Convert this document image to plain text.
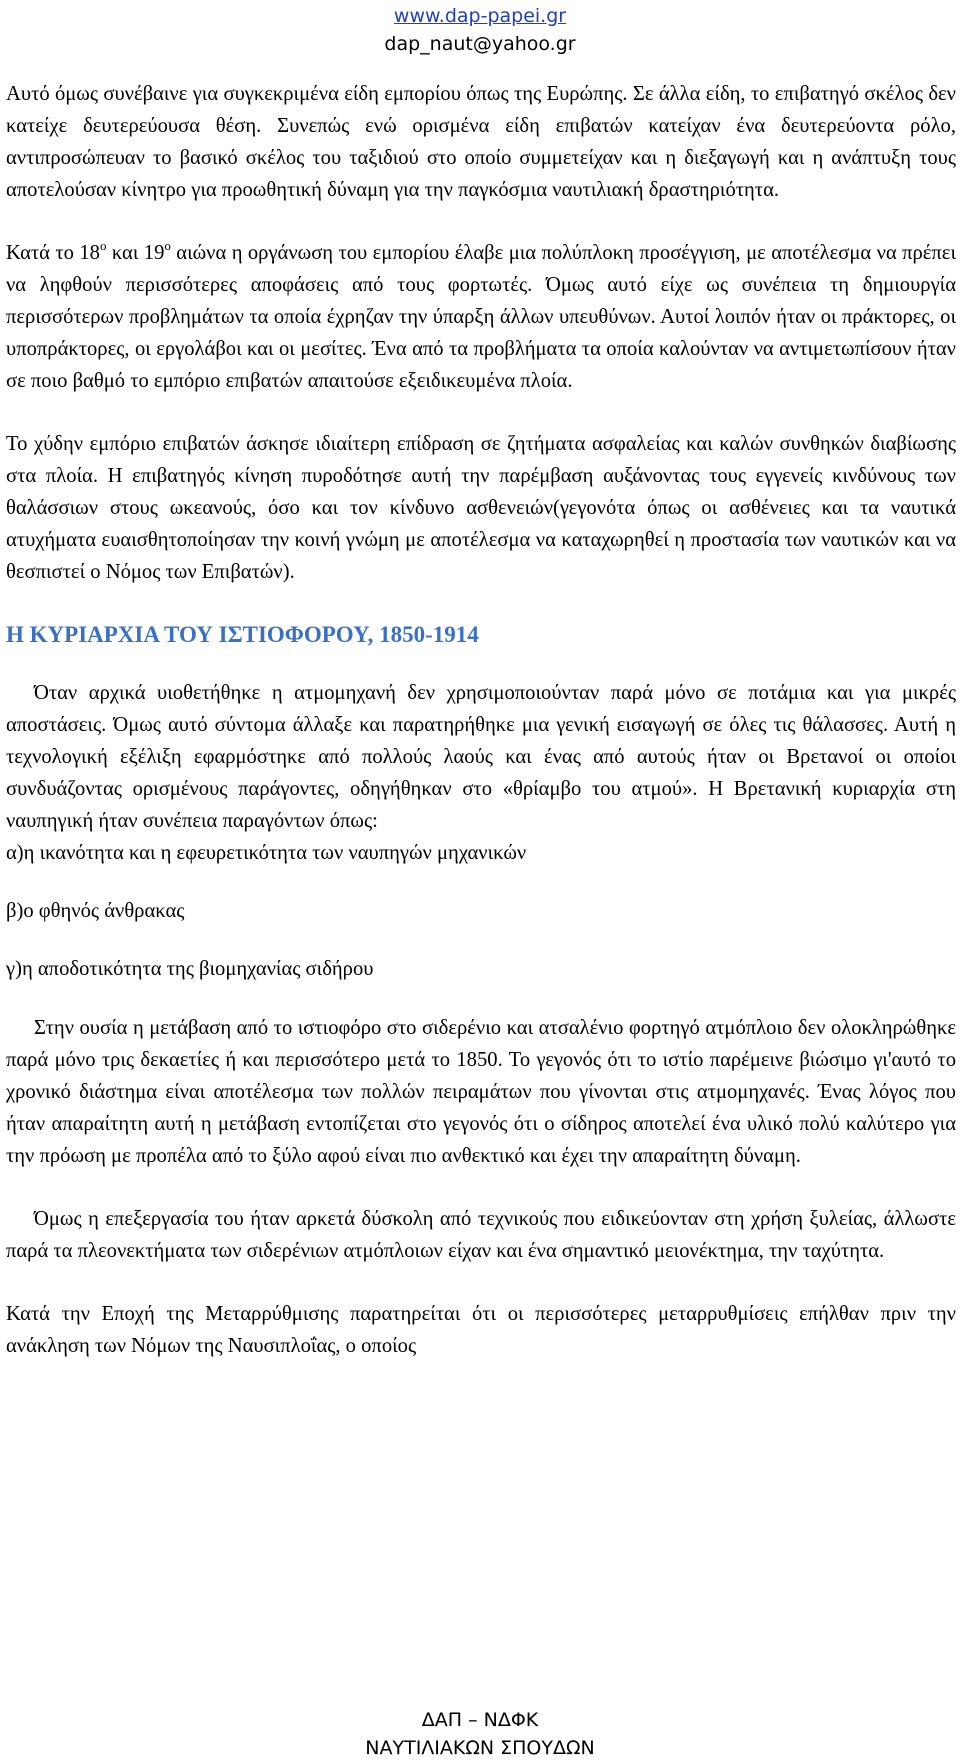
www.dap-papei.gr
dap_naut@yahoo.gr

Αυτό όμως συνέβαινε για συγκεκριμένα είδη εμπορίου όπως της Ευρώπης. Σε άλλα είδη, το επιβατηγό σκέλος δεν κατείχε δευτερεύουσα θέση. Συνεπώς ενώ ορισμένα είδη επιβατών κατείχαν ένα δευτερεύοντα ρόλο, αντιπροσώπευαν το βασικό σκέλος του ταξιδιού στο οποίο συμμετείχαν και η διεξαγωγή και η ανάπτυξη τους αποτελούσαν κίνητρο για προωθητική δύναμη για την παγκόσμια ναυτιλιακή δραστηριότητα.

Κατά το $18^o$ και $19^o$ αιώνα η οργάνωση του εμπορίου έλαβε μια πολύπλοκη προσέγγιση, με αποτέλεσμα να πρέπει να ληφθούν περισσότερες αποφάσεις από τους φορτωτές. Όμως αυτό είχε ως συνέπεια τη δημιουργία περισσότερων προβλημάτων τα οποία έχρηζαν την ύπαρξη άλλων υπευθύνων. Αυτοί λοιπόν ήταν οι πράκτορες, οι υποπράκτορες, οι εργολάβοι και οι μεσίτες. Ένα από τα προβλήματα τα οποία καλούνταν να αντιμετωπίσουν ήταν σε ποιο βαθμό το εμπόριο επιβατών απαιτούσε εξειδικευμένα πλοία.

Το χύδην εμπόριο επιβατών άσκησε ιδιαίτερη επίδραση σε ζητήματα ασφαλείας και καλών συνθηκών διαβίωσης στα πλοία. Η επιβατηγός κίνηση πυροδότησε αυτή την παρέμβαση αυξάνοντας τους εγγενείς κινδύνους των θαλάσσιων στους ωκεανούς, όσο και τον κίνδυνο ασθενειών(γεγονότα όπως οι ασθένειες και τα ναυτικά ατυχήματα ευαισθητοποίησαν την κοινή γνώμη με αποτέλεσμα να καταχωρηθεί η προστασία των ναυτικών και να θεσπιστεί ο Νόμος των Επιβατών).

Η ΚΥΡΙΑΡΧΙΑ ΤΟΥ ΙΣΤΙΟΦΟΡΟΥ, 1850-1914

Όταν αρχικά υιοθετήθηκε η ατμομηχανή δεν χρησιμοποιούνταν παρά μόνο σε ποτάμια και για μικρές αποστάσεις. Όμως αυτό σύντομα άλλαξε και παρατηρήθηκε μια γενική εισαγωγή σε όλες τις θάλασσες. Αυτή η τεχνολογική εξέλιξη εφαρμόστηκε από πολλούς λαούς και ένας από αυτούς ήταν οι Βρετανοί οι οποίοι συνδυάζοντας ορισμένους παράγοντες, οδηγήθηκαν στο «θρίαμβο του ατμού». Η Βρετανική κυριαρχία στη ναυπηγική ήταν συνέπεια παραγόντων όπως:

α)η ικανότητα και η εφευρετικότητα των ναυπηγών μηχανικών

β)ο φθηνός άνθρακας

γ)η αποδοτικότητα της βιομηχανίας σιδήρου

Στην ουσία η μετάβαση από το ιστιοφόρο στο σιδερένιο και ατσαλένιο φορτηγό ατμόπλοιο δεν ολοκληρώθηκε παρά μόνο τρις δεκαετίες ή και περισσότερο μετά το 1850. Το γεγονός ότι το ιστίο παρέμεινε βιώσιμο γι'αυτό το χρονικό διάστημα είναι αποτέλεσμα των πολλών πειραμάτων που γίνονται στις ατμομηχανές. Ένας λόγος που ήταν απαραίτητη αυτή η μετάβαση εντοπίζεται στο γεγονός ότι ο σίδηρος αποτελεί ένα υλικό πολύ καλύτερο για την πρόωση με προπέλα από το ξύλο αφού είναι πιο ανθεκτικό και έχει την απαραίτητη δύναμη.

Όμως η επεξεργασία του ήταν αρκετά δύσκολη από τεχνικούς που ειδικεύονταν στη χρήση ξυλείας, άλλωστε παρά τα πλεονεκτήματα των σιδερένιων ατμόπλοιων είχαν και ένα σημαντικό μειονέκτημα, την ταχύτητα.

Κατά την Εποχή της Μεταρρύθμισης παρατηρείται ότι οι περισσότερες μεταρρυθμίσεις επήλθαν πριν την ανάκληση των Νόμων της Ναυσιπλοΐας, ο οποίος

ΔΑΠ – ΝΔΦΚ
ΝΑΥΤΙΛΙΑΚΩΝ ΣΠΟΥΔΩΝ
